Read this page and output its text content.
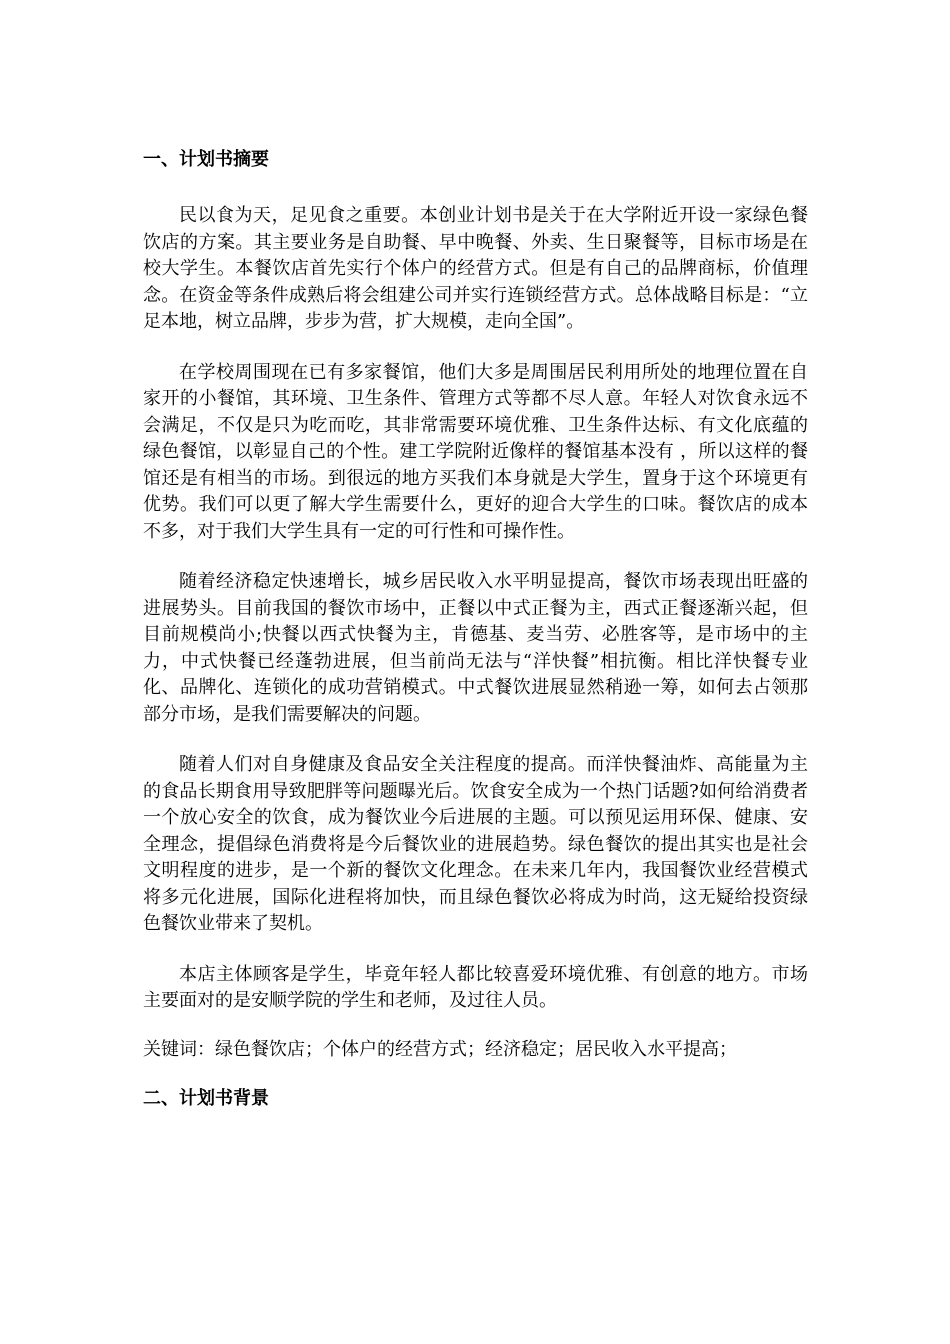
一、计划书摘要

民以食为天，足见食之重要。本创业计划书是关于在大学附近开设一家绿色餐饮店的方案。其主要业务是自助餐、早中晚餐、外卖、生日聚餐等，目标市场是在校大学生。本餐饮店首先实行个体户的经营方式。但是有自己的品牌商标，价值理念。在资金等条件成熟后将会组建公司并实行连锁经营方式。总体战略目标是：“立足本地，树立品牌，步步为营，扩大规模，走向全国”。

在学校周围现在已有多家餐馆，他们大多是周围居民利用所处的地理位置在自家开的小餐馆，其环境、卫生条件、管理方式等都不尽人意。年轻人对饮食永远不会满足，不仅是只为吃而吃，其非常需要环境优雅、卫生条件达标、有文化底蕴的绿色餐馆，以彰显自己的个性。建工学院附近像样的餐馆基本没有 ，所以这样的餐馆还是有相当的市场。到很远的地方买我们本身就是大学生，置身于这个环境更有优势。我们可以更了解大学生需要什么，更好的迎合大学生的口味。餐饮店的成本不多，对于我们大学生具有一定的可行性和可操作性。

随着经济稳定快速增长，城乡居民收入水平明显提高，餐饮市场表现出旺盛的进展势头。目前我国的餐饮市场中，正餐以中式正餐为主，西式正餐逐渐兴起，但目前规模尚小;快餐以西式快餐为主，肯德基、麦当劳、必胜客等，是市场中的主力，中式快餐已经蓬勃进展，但当前尚无法与“洋快餐”相抗衡。相比洋快餐专业化、品牌化、连锁化的成功营销模式。中式餐饮进展显然稍逊一筹，如何去占领那部分市场，是我们需要解决的问题。

随着人们对自身健康及食品安全关注程度的提高。而洋快餐油炸、高能量为主的食品长期食用导致肥胖等问题曝光后。饮食安全成为一个热门话题?如何给消费者一个放心安全的饮食，成为餐饮业今后进展的主题。可以预见运用环保、健康、安全理念，提倡绿色消费将是今后餐饮业的进展趋势。绿色餐饮的提出其实也是社会文明程度的进步，是一个新的餐饮文化理念。在未来几年内，我国餐饮业经营模式将多元化进展，国际化进程将加快，而且绿色餐饮必将成为时尚，这无疑给投资绿色餐饮业带来了契机。

本店主体顾客是学生，毕竟年轻人都比较喜爱环境优雅、有创意的地方。市场主要面对的是安顺学院的学生和老师，及过往人员。

关键词：绿色餐饮店；个体户的经营方式；经济稳定；居民收入水平提高；

二、计划书背景
